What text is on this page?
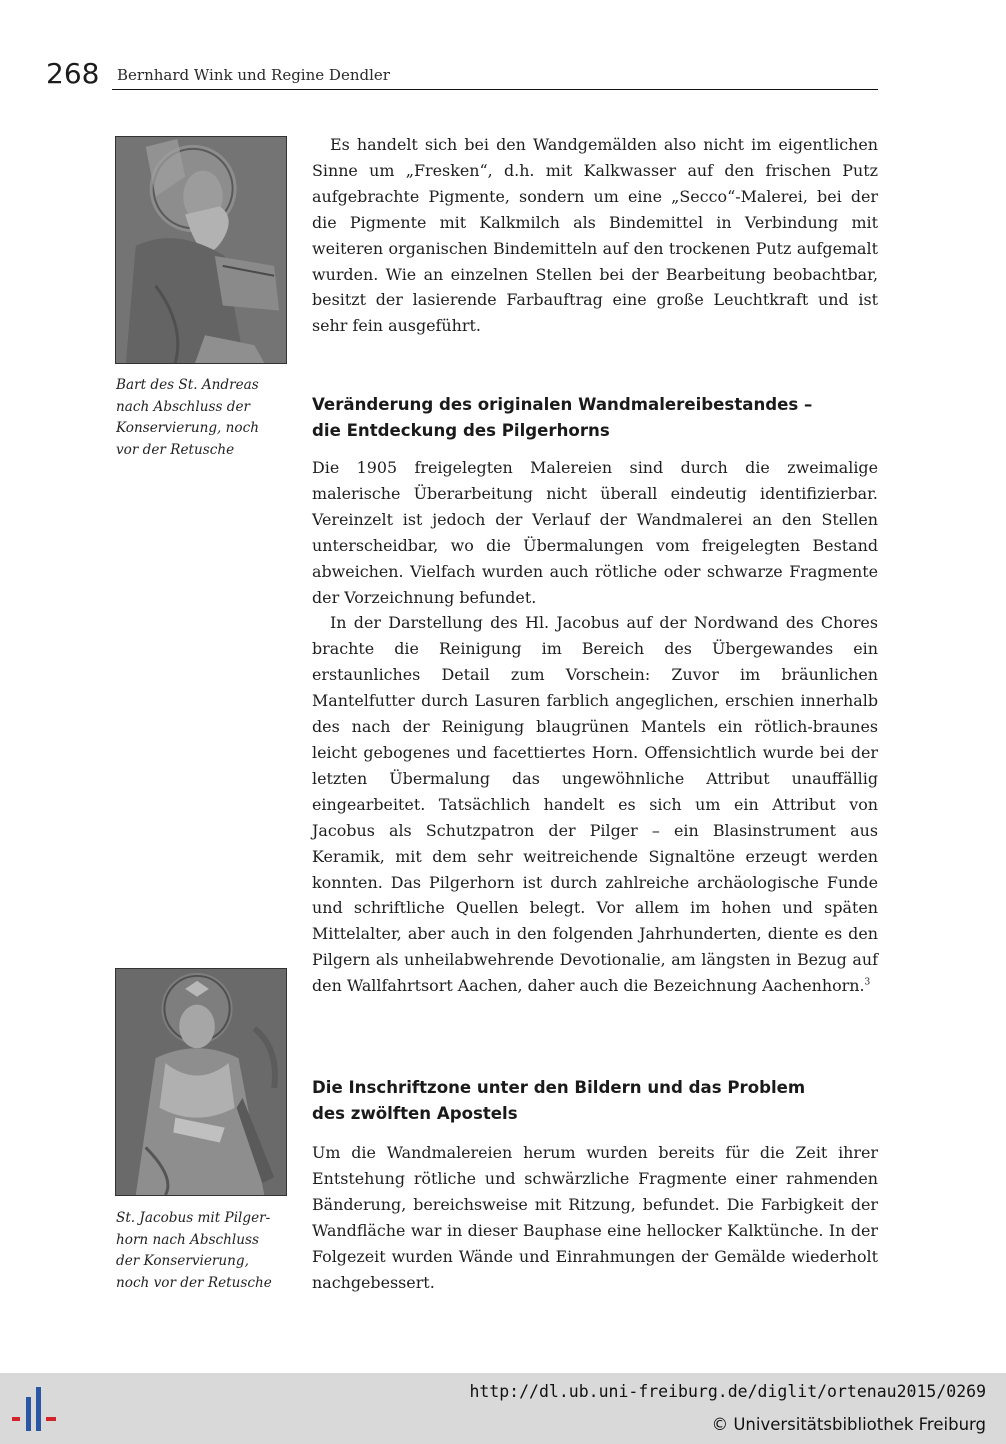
268 Bernhard Wink und Regine Dendler
Bart des St. Andreas
nach Abschluss der
Konservierung, noch
vor der Retusche
St. Jacobus mit Pilger-
horn nach Abschluss
der Konservierung,
noch vor der Retusche

Es handelt sich bei den Wandgemälden also nicht im eigentlichen Sinne um „Fresken“, d.h. mit Kalkwasser auf den frischen Putz aufgebrachte Pigmente, sondern um eine „Secco“-Malerei, bei der die Pigmente mit Kalkmilch als Bindemittel in Verbindung mit weiteren organischen Bindemitteln auf den trockenen Putz aufgemalt wurden. Wie an einzelnen Stellen bei der Bearbeitung beobachtbar, besitzt der lasierende Farbauftrag eine große Leuchtkraft und ist sehr fein ausgeführt.

Veränderung des originalen Wandmalereibestandes –
die Entdeckung des Pilgerhorns

Die 1905 freigelegten Malereien sind durch die zweimalige malerische Überarbeitung nicht überall eindeutig identifizierbar. Vereinzelt ist jedoch der Verlauf der Wandmalerei an den Stellen unterscheidbar, wo die Übermalungen vom freigelegten Bestand abweichen. Vielfach wurden auch rötliche oder schwarze Fragmente der Vorzeichnung befundet.

In der Darstellung des Hl. Jacobus auf der Nordwand des Chores brachte die Reinigung im Bereich des Übergewandes ein erstaunliches Detail zum Vorschein: Zuvor im bräunlichen Mantelfutter durch Lasuren farblich angeglichen, erschien innerhalb des nach der Reinigung blaugrünen Mantels ein rötlich-braunes leicht gebogenes und facettiertes Horn. Offensichtlich wurde bei der letzten Übermalung das ungewöhnliche Attribut unauffällig eingearbeitet. Tatsächlich handelt es sich um ein Attribut von Jacobus als Schutzpatron der Pilger – ein Blasinstrument aus Keramik, mit dem sehr weitreichende Signaltöne erzeugt werden konnten. Das Pilgerhorn ist durch zahlreiche archäologische Funde und schriftliche Quellen belegt. Vor allem im hohen und späten Mittelalter, aber auch in den folgenden Jahrhunderten, diente es den Pilgern als unheilabwehrende Devotionalie, am längsten in Bezug auf den Wallfahrtsort Aachen, daher auch die Bezeichnung Aachenhorn.$^3$

Die Inschriftzone unter den Bildern und das Problem
des zwölften Apostels

Um die Wandmalereien herum wurden bereits für die Zeit ihrer Entstehung rötliche und schwärzliche Fragmente einer rahmenden Bänderung, bereichsweise mit Ritzung, befundet. Die Farbigkeit der Wandfläche war in dieser Bauphase eine hellocker Kalktünche. In der Folgezeit wurden Wände und Einrahmungen der Gemälde wiederholt nachgebessert.

http://dl.ub.uni-freiburg.de/diglit/ortenau2015/0269
© Universitätsbibliothek Freiburg
